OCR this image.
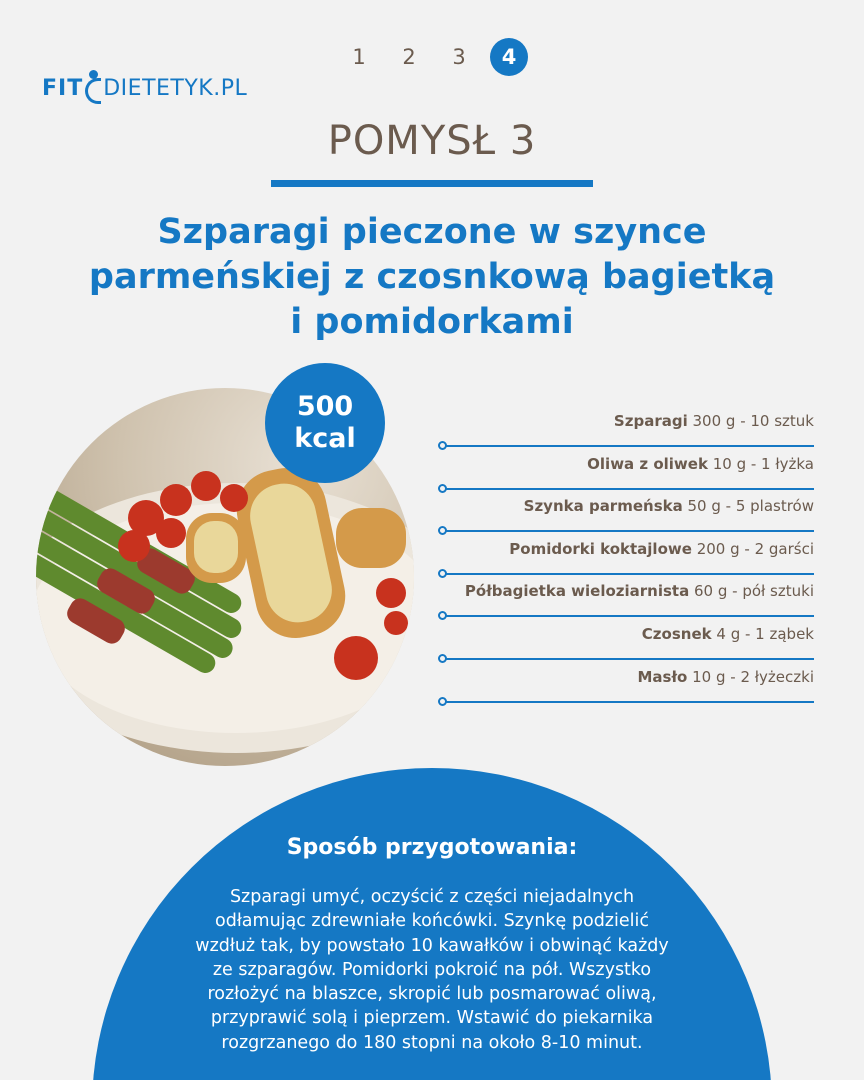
1	2	3	4
FIT DIETETYK.PL
POMYSŁ 3
Szparagi pieczone w szynce
parmeńskiej z czosnkową bagietką
i pomidorkami
500
kcal
Szparagi 300 g - 10 sztuk
Oliwa z oliwek 10 g - 1 łyżka
Szynka parmeńska 50 g - 5 plastrów
Pomidorki koktajlowe 200 g - 2 garści
Półbagietka wieloziarnista 60 g - pół sztuki
Czosnek 4 g - 1 ząbek
Masło 10 g - 2 łyżeczki
Sposób przygotowania:
Szparagi umyć, oczyścić z części niejadalnych odłamując zdrewniałe końcówki. Szynkę podzielić wzdłuż tak, by powstało 10 kawałków i obwinąć każdy ze szparagów. Pomidorki pokroić na pół. Wszystko rozłożyć na blaszce, skropić lub posmarować oliwą, przyprawić solą i pieprzem. Wstawić do piekarnika rozgrzanego do 180 stopni na około 8-10 minut.
